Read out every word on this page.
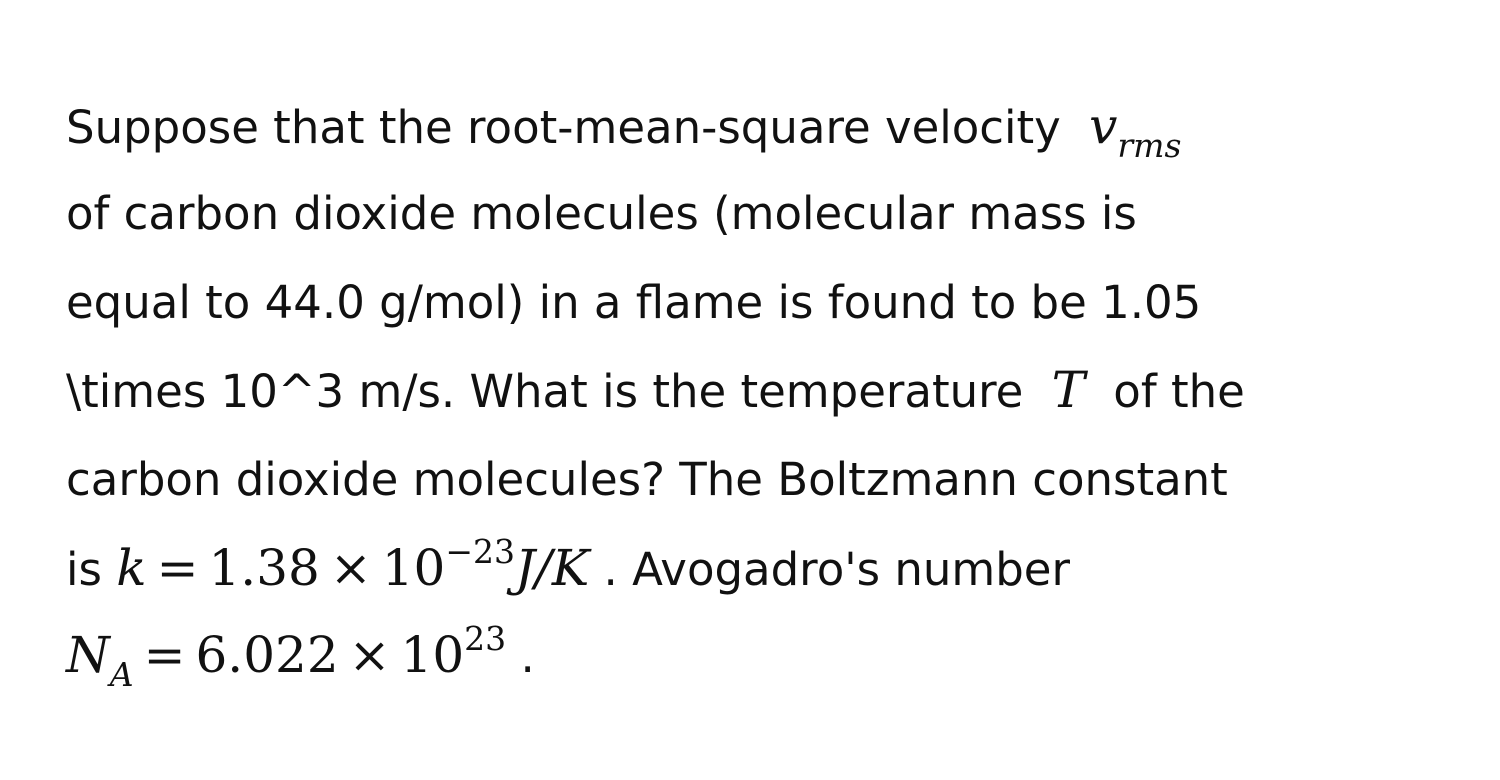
Suppose that the root-mean-square velocity $v_{rms}$
of carbon dioxide molecules (molecular mass is
equal to 44.0 g/mol) in a flame is found to be 1.05
\times 10^3 m/s. What is the temperature T of the
carbon dioxide molecules? The Boltzmann constant
is $k = 1.38 \times 10^{-23}J/K$ . Avogadro's number
$N_A = 6.022 \times 10^{23}$ .
